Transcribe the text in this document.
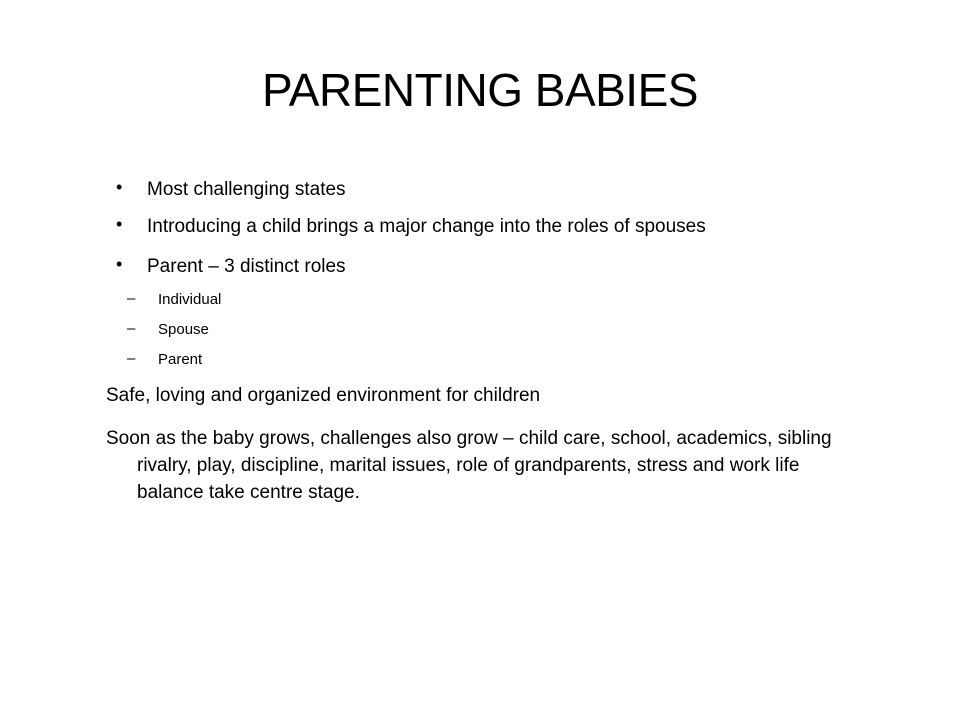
PARENTING BABIES
• Most challenging states
• Introducing a child brings a major change into the roles of spouses
• Parent – 3 distinct roles
– Individual
– Spouse
– Parent
Safe, loving and organized environment for children
Soon as the baby grows, challenges also grow – child care, school, academics, sibling rivalry, play, discipline, marital issues, role of grandparents, stress and work life balance take centre stage.
